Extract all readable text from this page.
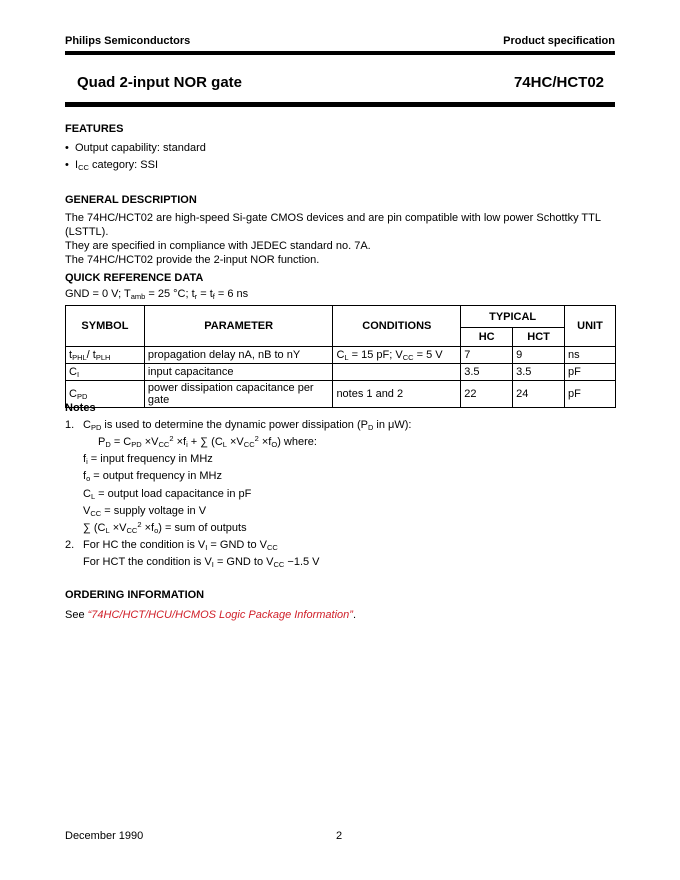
Philips Semiconductors	Product specification
Quad 2-input NOR gate	74HC/HCT02
FEATURES
• Output capability: standard
• $I_{CC}$ category: SSI
GENERAL DESCRIPTION
The 74HC/HCT02 are high-speed Si-gate CMOS devices and are pin compatible with low power Schottky TTL (LSTTL).
They are specified in compliance with JEDEC standard no. 7A.
The 74HC/HCT02 provide the 2-input NOR function.
QUICK REFERENCE DATA
GND = 0 V; $T_{amb} = 25$ °C; $t_r = t_f = 6$ ns
SYMBOL	PARAMETER	CONDITIONS	TYPICAL		UNIT
			HC	HCT	
$t_{PHL}/$ $t_{PLH}$	propagation delay nA, nB to nY	$C_L = 15$ pF; $V_{CC} = 5$ V	7	9	ns
$C_I$	input capacitance		3.5	3.5	pF
$C_{PD}$	power dissipation capacitance per gate	notes 1 and 2	22	24	pF
Notes
1. $C_{PD}$ is used to determine the dynamic power dissipation ($P_D$ in μW):
$P_D = C_{PD} \times V_{CC}^2 \times f_i$ + ∑ $(C_L \times V_{CC}^2 \times f_O)$ where:
$f_i$ = input frequency in MHz
$f_o$ = output frequency in MHz
$C_L$ = output load capacitance in pF
$V_{CC}$ = supply voltage in V
∑ $(C_L \times V_{CC}^2 \times f_o)$ = sum of outputs
2. For HC the condition is $V_I$ = GND to $V_{CC}$
For HCT the condition is $V_I$ = GND to $V_{CC} -1.5$ V
ORDERING INFORMATION
See “74HC/HCT/HCU/HCMOS Logic Package Information”.
December 1990	2
